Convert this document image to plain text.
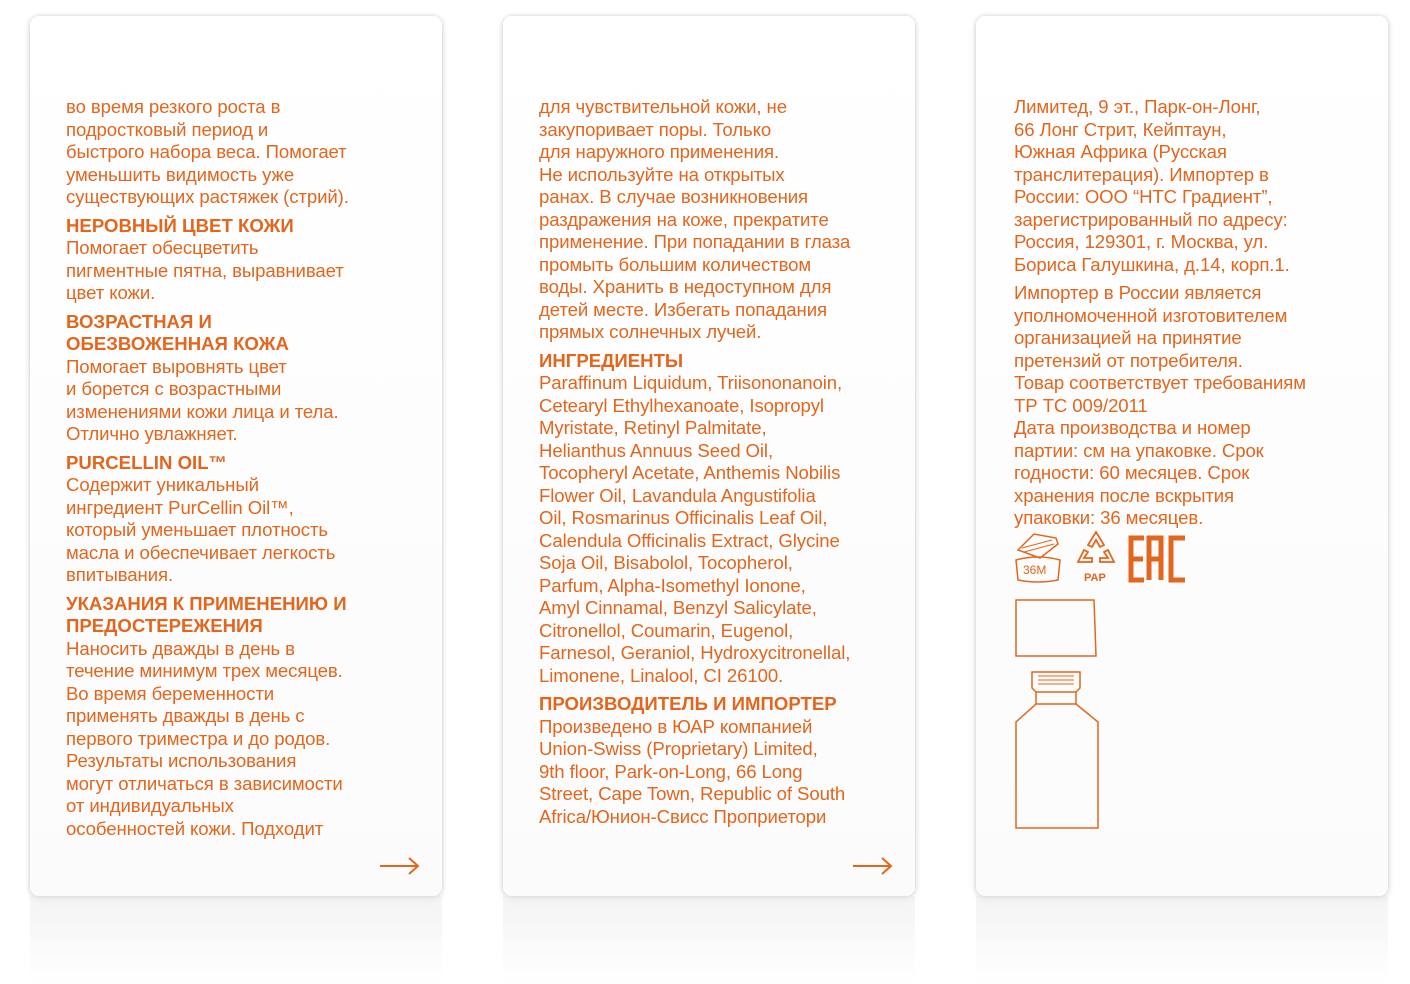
во время резкого роста в
подростковый период и
быстрого набора веса. Помогает
уменьшить видимость уже
существующих растяжек (стрий).

НЕРОВНЫЙ ЦВЕТ КОЖИ

Помогает обесцветить
пигментные пятна, выравнивает
цвет кожи.

ВОЗРАСТНАЯ И
ОБЕЗВОЖЕННАЯ КОЖА

Помогает выровнять цвет
и борется с возрастными
изменениями кожи лица и тела.
Отлично увлажняет.

PURCELLIN OIL™

Содержит уникальный
ингредиент PurCellin Oil™,
который уменьшает плотность
масла и обеспечивает легкость
впитывания.

УКАЗАНИЯ К ПРИМЕНЕНИЮ И
ПРЕДОСТЕРЕЖЕНИЯ

Наносить дважды в день в
течение минимум трех месяцев.
Во время беременности
применять дважды в день с
первого триместра и до родов.
Результаты использования
могут отличаться в зависимости
от индивидуальных
особенностей кожи. Подходит

для чувствительной кожи, не
закупоривает поры. Только
для наружного применения.
Не используйте на открытых
ранах. В случае возникновения
раздражения на коже, прекратите
применение. При попадании в глаза
промыть большим количеством
воды. Хранить в недоступном для
детей месте. Избегать попадания
прямых солнечных лучей.

ИНГРЕДИЕНТЫ

Paraffinum Liquidum, Triisononanoin,
Cetearyl Ethylhexanoate, Isopropyl
Myristate, Retinyl Palmitate,
Helianthus Annuus Seed Oil,
Tocopheryl Acetate, Anthemis Nobilis
Flower Oil, Lavandula Angustifolia
Oil, Rosmarinus Officinalis Leaf Oil,
Calendula Officinalis Extract, Glycine
Soja Oil, Bisabolol, Tocopherol,
Parfum, Alpha-Isomethyl Ionone,
Amyl Cinnamal, Benzyl Salicylate,
Citronellol, Coumarin, Eugenol,
Farnesol, Geraniol, Hydroxycitronellal,
Limonene, Linalool, CI 26100.

ПРОИЗВОДИТЕЛЬ И ИМПОРТЕР

Произведено в ЮАР компанией
Union-Swiss (Proprietary) Limited,
9th floor, Park-on-Long, 66 Long
Street, Cape Town, Republic of South
Africa/Юнион-Свисс Проприетори

Лимитед, 9 эт., Парк-он-Лонг,
66 Лонг Стрит, Кейптаун,
Южная Африка (Русская
транслитерация). Импортер в
России: ООО “НТС Градиент”,
зарегистрированный по адресу:
Россия, 129301, г. Москва, ул.
Бориса Галушкина, д.14, корп.1.

Импортер в России является
уполномоченной изготовителем
организацией на принятие
претензий от потребителя.
Товар соответствует требованиям
ТР ТС 009/2011
Дата производства и номер
партии: см на упаковке. Срок
годности: 60 месяцев. Срок
хранения после вскрытия
упаковки: 36 месяцев.

36M
PAP
